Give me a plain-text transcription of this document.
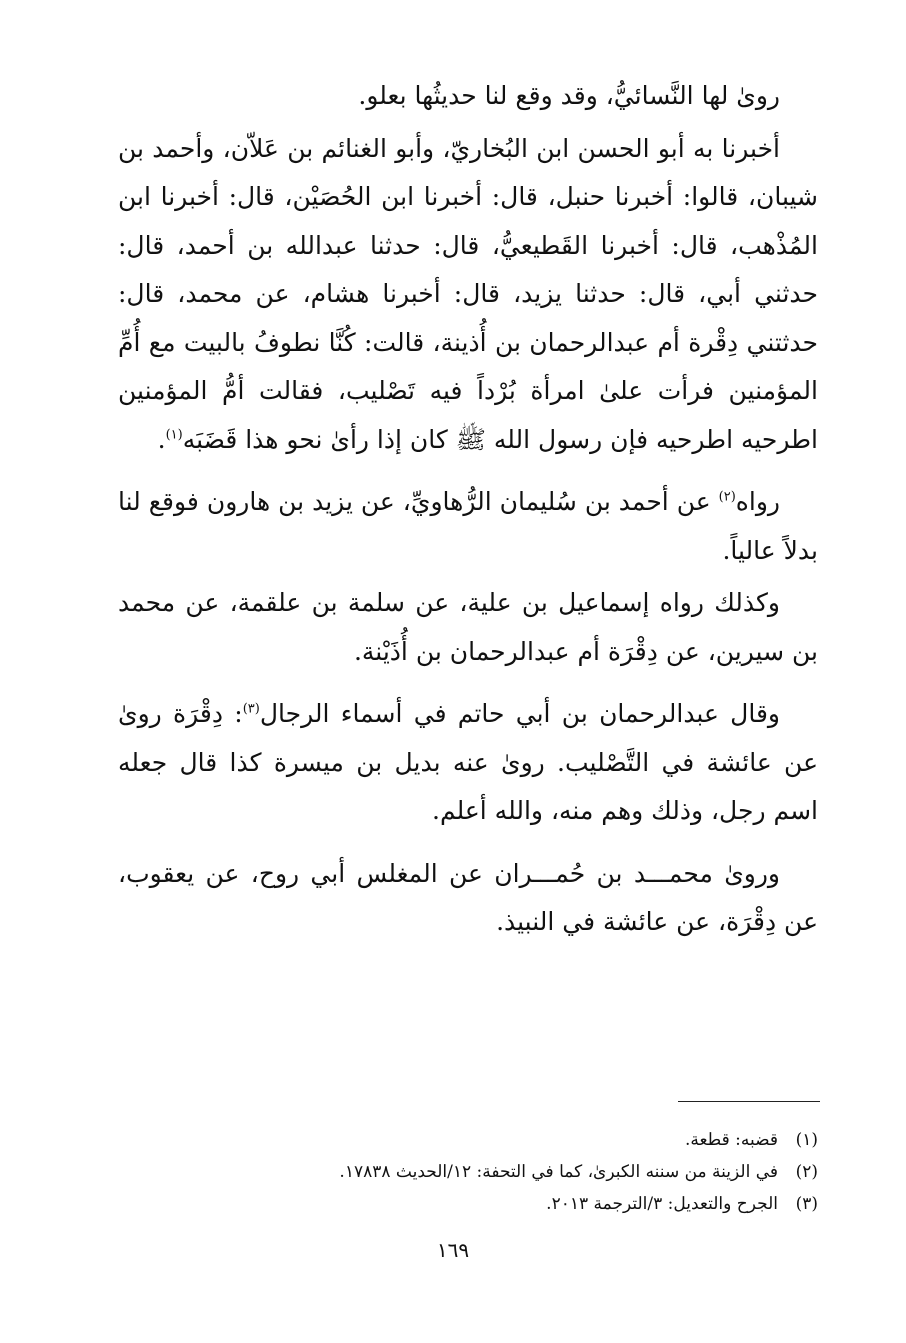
روىٰ لها النَّسائيُّ، وقد وقع لنا حديثُها بعلو.

أخبرنا به أبو الحسن ابن البُخاريّ، وأبو الغنائم بن عَلاّن، وأحمد بن شيبان، قالوا: أخبرنا حنبل، قال: أخبرنا ابن الحُصَيْن، قال: أخبرنا ابن المُذْهب، قال: أخبرنا القَطيعيُّ، قال: حدثنا عبدالله بن أحمد، قال: حدثني أبي، قال: حدثنا يزيد، قال: أخبرنا هشام، عن محمد، قال: حدثتني دِقْرة أم عبدالرحمان بن أُذينة، قالت: كُنَّا نطوفُ بالبيت مع أُمِّ المؤمنين فرأت علىٰ امرأة بُرْداً فيه تَصْليب، فقالت أمُّ المؤمنين اطرحيه اطرحيه فإن رسول الله ﷺ كان إذا رأىٰ نحو هذا قَضَبَه$^{(١)}$.

رواه$^{(٢)}$ عن أحمد بن سُليمان الرُّهاويِّ، عن يزيد بن هارون فوقع لنا بدلاً عالياً.

وكذلك رواه إسماعيل بن علية، عن سلمة بن علقمة، عن محمد بن سيرين، عن دِقْرَة أم عبدالرحمان بن أُذَيْنة.

وقال عبدالرحمان بن أبي حاتم في أسماء الرجال$^{(٣)}$: دِقْرَة روىٰ عن عائشة في التَّصْليب. روىٰ عنه بديل بن ميسرة كذا قال جعله اسم رجل، وذلك وهم منه، والله أعلم.

وروىٰ محمـــد بن حُمـــران عن المغلس أبي روح، عن يعقوب، عن دِقْرَة، عن عائشة في النبيذ.

(١)قضبه: قطعة.
(٢)في الزينة من سننه الكبرىٰ، كما في التحفة: ١٢/الحديث ١٧٨٣٨.
(٣)الجرح والتعديل: ٣/الترجمة ٢٠١٣.
١٦٩
